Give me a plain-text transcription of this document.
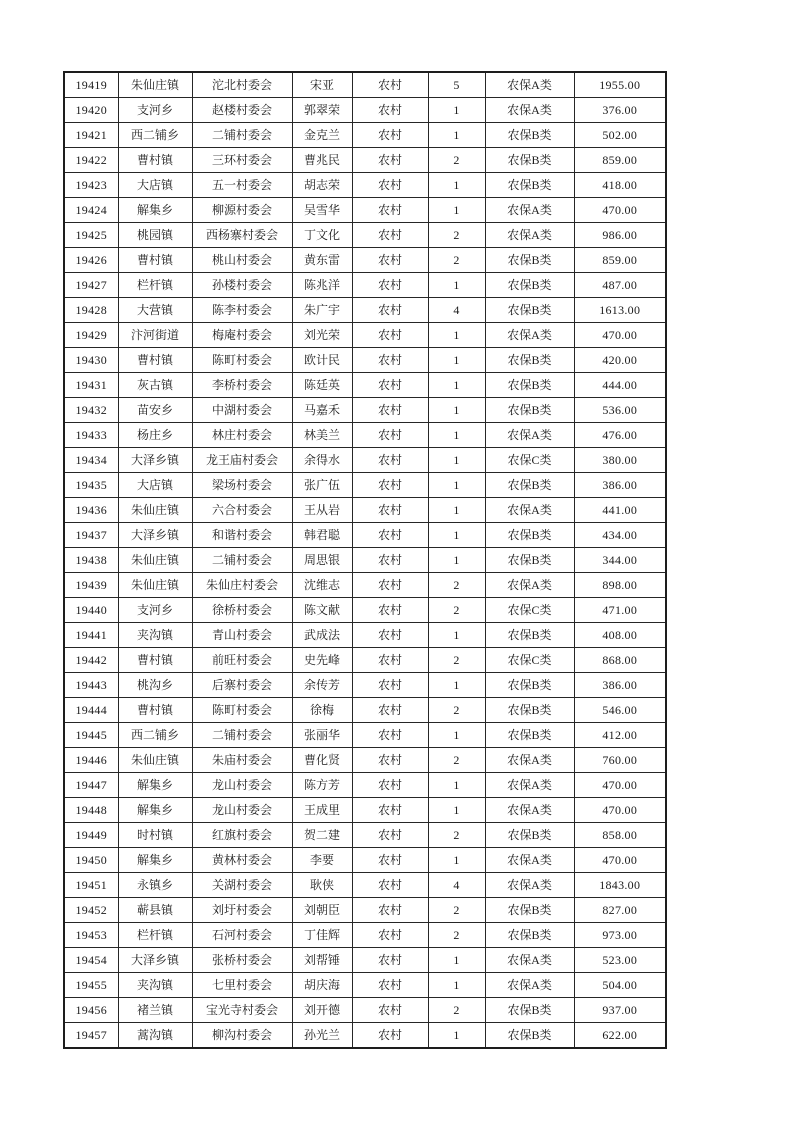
19419	朱仙庄镇	沱北村委会	宋亚	农村	5	农保A类	1955.00
19420	支河乡	赵楼村委会	郭翠荣	农村	1	农保A类	376.00
19421	西二铺乡	二铺村委会	金克兰	农村	1	农保B类	502.00
19422	曹村镇	三环村委会	曹兆民	农村	2	农保B类	859.00
19423	大店镇	五一村委会	胡志荣	农村	1	农保B类	418.00
19424	解集乡	柳源村委会	吴雪华	农村	1	农保A类	470.00
19425	桃园镇	西杨寨村委会	丁文化	农村	2	农保A类	986.00
19426	曹村镇	桃山村委会	黄东雷	农村	2	农保B类	859.00
19427	栏杆镇	孙楼村委会	陈兆洋	农村	1	农保B类	487.00
19428	大营镇	陈李村委会	朱广宇	农村	4	农保B类	1613.00
19429	汴河街道	梅庵村委会	刘光荣	农村	1	农保A类	470.00
19430	曹村镇	陈町村委会	欧计民	农村	1	农保B类	420.00
19431	灰古镇	李桥村委会	陈廷英	农村	1	农保B类	444.00
19432	苗安乡	中湖村委会	马嘉禾	农村	1	农保B类	536.00
19433	杨庄乡	林庄村委会	林美兰	农村	1	农保A类	476.00
19434	大泽乡镇	龙王庙村委会	余得水	农村	1	农保C类	380.00
19435	大店镇	梁场村委会	张广伍	农村	1	农保B类	386.00
19436	朱仙庄镇	六合村委会	王从岩	农村	1	农保A类	441.00
19437	大泽乡镇	和谐村委会	韩君聪	农村	1	农保B类	434.00
19438	朱仙庄镇	二铺村委会	周思银	农村	1	农保B类	344.00
19439	朱仙庄镇	朱仙庄村委会	沈维志	农村	2	农保A类	898.00
19440	支河乡	徐桥村委会	陈文献	农村	2	农保C类	471.00
19441	夹沟镇	青山村委会	武成法	农村	1	农保B类	408.00
19442	曹村镇	前旺村委会	史先峰	农村	2	农保C类	868.00
19443	桃沟乡	后寨村委会	余传芳	农村	1	农保B类	386.00
19444	曹村镇	陈町村委会	徐梅	农村	2	农保B类	546.00
19445	西二铺乡	二铺村委会	张丽华	农村	1	农保B类	412.00
19446	朱仙庄镇	朱庙村委会	曹化贤	农村	2	农保A类	760.00
19447	解集乡	龙山村委会	陈方芳	农村	1	农保A类	470.00
19448	解集乡	龙山村委会	王成里	农村	1	农保A类	470.00
19449	时村镇	红旗村委会	贺二建	农村	2	农保B类	858.00
19450	解集乡	黄林村委会	李要	农村	1	农保A类	470.00
19451	永镇乡	关湖村委会	耿侠	农村	4	农保A类	1843.00
19452	蕲县镇	刘圩村委会	刘朝臣	农村	2	农保B类	827.00
19453	栏杆镇	石河村委会	丁佳辉	农村	2	农保B类	973.00
19454	大泽乡镇	张桥村委会	刘帮锤	农村	1	农保A类	523.00
19455	夹沟镇	七里村委会	胡庆海	农村	1	农保A类	504.00
19456	褚兰镇	宝光寺村委会	刘开德	农村	2	农保B类	937.00
19457	蒿沟镇	柳沟村委会	孙光兰	农村	1	农保B类	622.00
